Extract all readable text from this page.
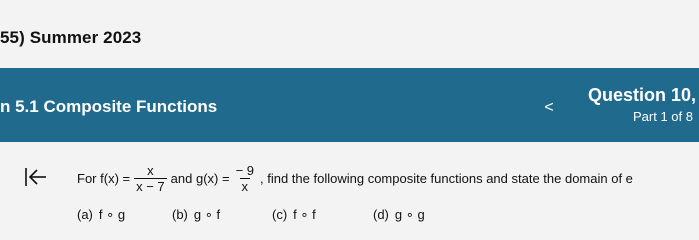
55) Summer 2023
n 5.1 Composite Functions	<
Question 10,
Part 1 of 8
For
$f(x) = \frac{x}{x - 7}$ and
$g(x) = \frac{- 9}{x}$ , find the following composite functions and state the domain of e
(a) f ∘ g	(b) g ∘ f	(c) f ∘ f	(d) g ∘ g
